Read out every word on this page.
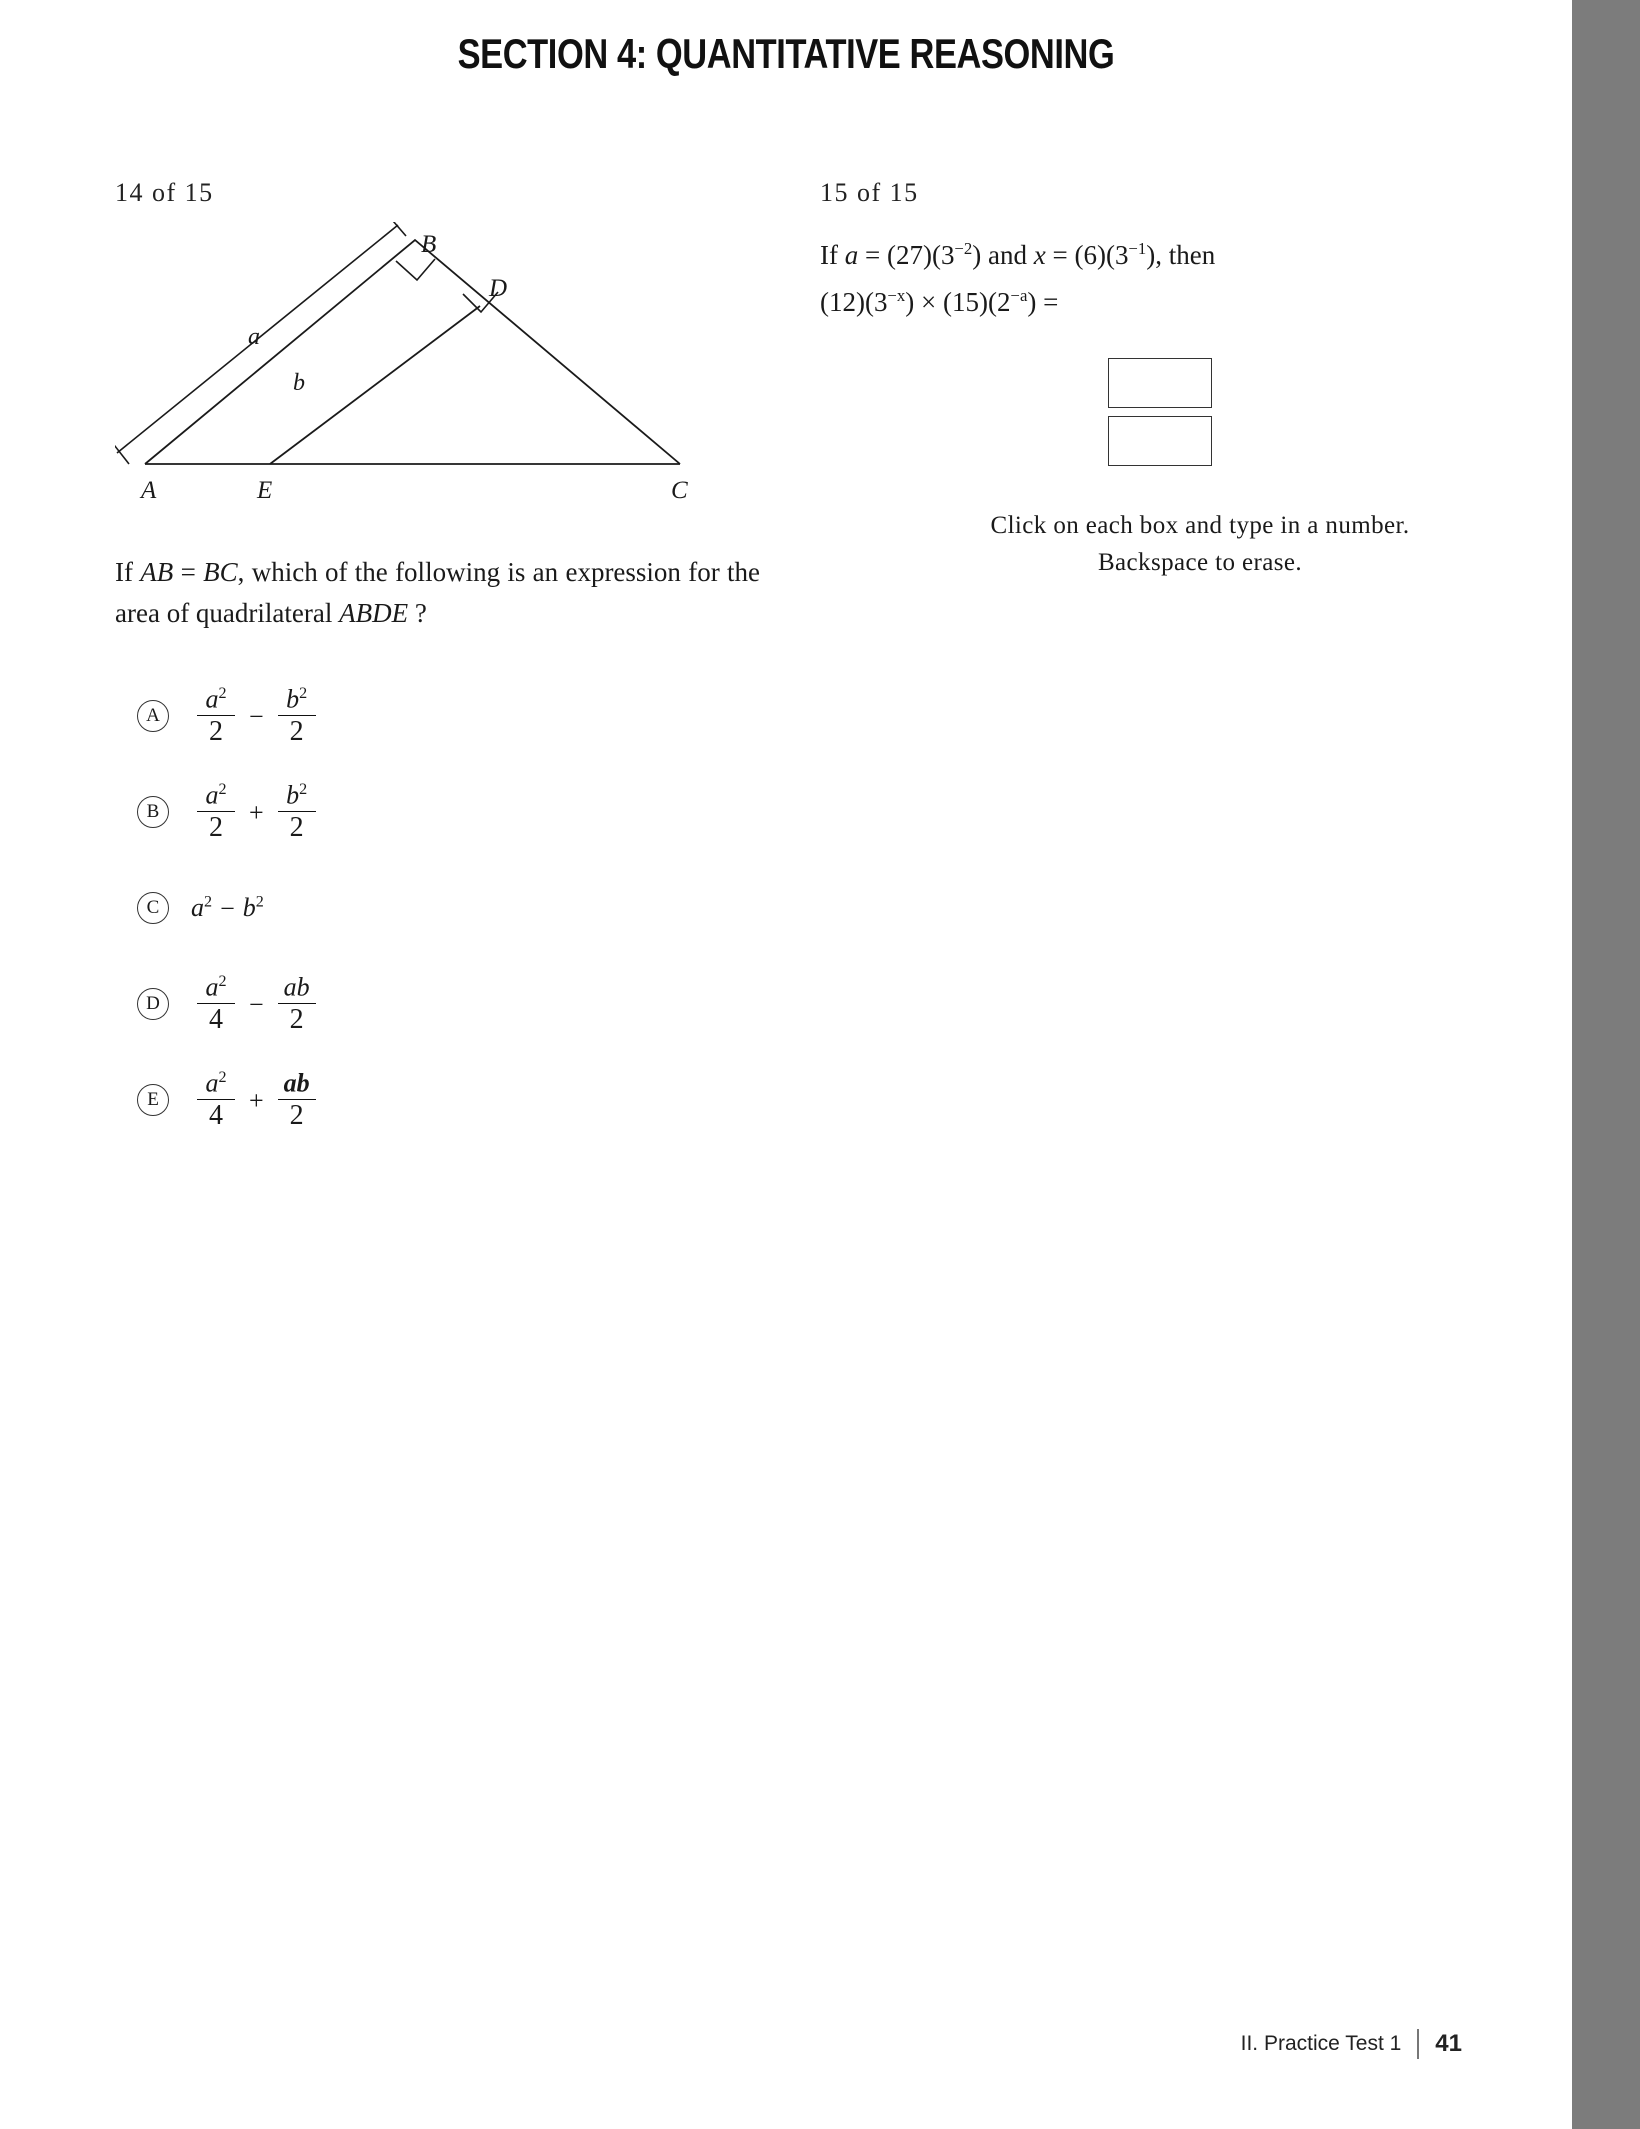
SECTION 4: QUANTITATIVE REASONING
14 of 15
B
D
A	E	C
a
b
If AB = BC, which of the following is an expression for the area of quadrilateral ABDE ?
A	$\frac{a^2}{2} - \frac{b^2}{2}$
B	$\frac{a^2}{2} + \frac{b^2}{2}$
C	$a^2 - b^2$
D	$\frac{a^2}{4} - \frac{ab}{2}$
E	$\frac{a^2}{4} + \frac{ab}{2}$
15 of 15
If $a = (27)(3^{-2})$ and $x = (6)(3^{-1})$, then
$(12)(3^{-x}) \times (15)(2^{-a})$ =
Click on each box and type in a number.
Backspace to erase.
II. Practice Test 1 41
